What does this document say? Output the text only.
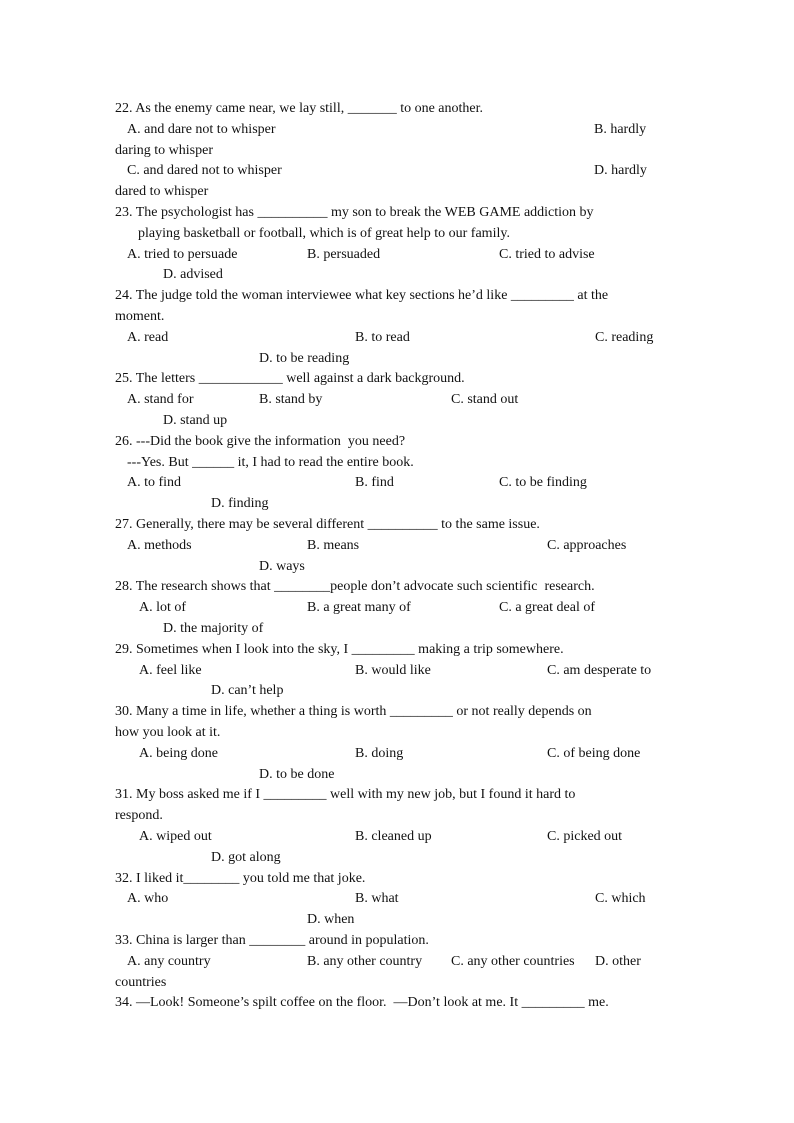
22. As the enemy came near, we lay still, _______ to one another.
A. and dare not to whisper	B. hardly
daring to whisper
C. and dared not to whisper	D. hardly
dared to whisper
23. The psychologist has __________ my son to break the WEB GAME addiction by
playing basketball or football, which is of great help to our family.
A. tried to persuade	B. persuaded	C. tried to advise
D. advised
24. The judge told the woman interviewee what key sections he’d like _________ at the
moment.
A. read	B. to read	C. reading
D. to be reading
25. The letters ____________ well against a dark background.
A. stand for	B. stand by	C. stand out
D. stand up
26. ---Did the book give the information  you need?
---Yes. But ______ it, I had to read the entire book.
A. to find	B. find	C. to be finding
D. finding
27. Generally, there may be several different __________ to the same issue.
A. methods	B. means	C. approaches
D. ways
28. The research shows that ________people don’t advocate such scientific  research.
A. lot of	B. a great many of	C. a great deal of
D. the majority of
29. Sometimes when I look into the sky, I _________ making a trip somewhere.
A. feel like	B. would like	C. am desperate to
D. can’t help
30. Many a time in life, whether a thing is worth _________ or not really depends on
how you look at it.
A. being done	B. doing	C. of being done
D. to be done
31. My boss asked me if I _________ well with my new job, but I found it hard to
respond.
A. wiped out	B. cleaned up	C. picked out
D. got along
32. I liked it________ you told me that joke.
A. who	B. what	C. which
D. when
33. China is larger than ________ around in population.
A. any country	B. any other country C. any other countries D. other
countries
34. —Look! Someone’s spilt coffee on the floor.  —Don’t look at me. It _________ me.
